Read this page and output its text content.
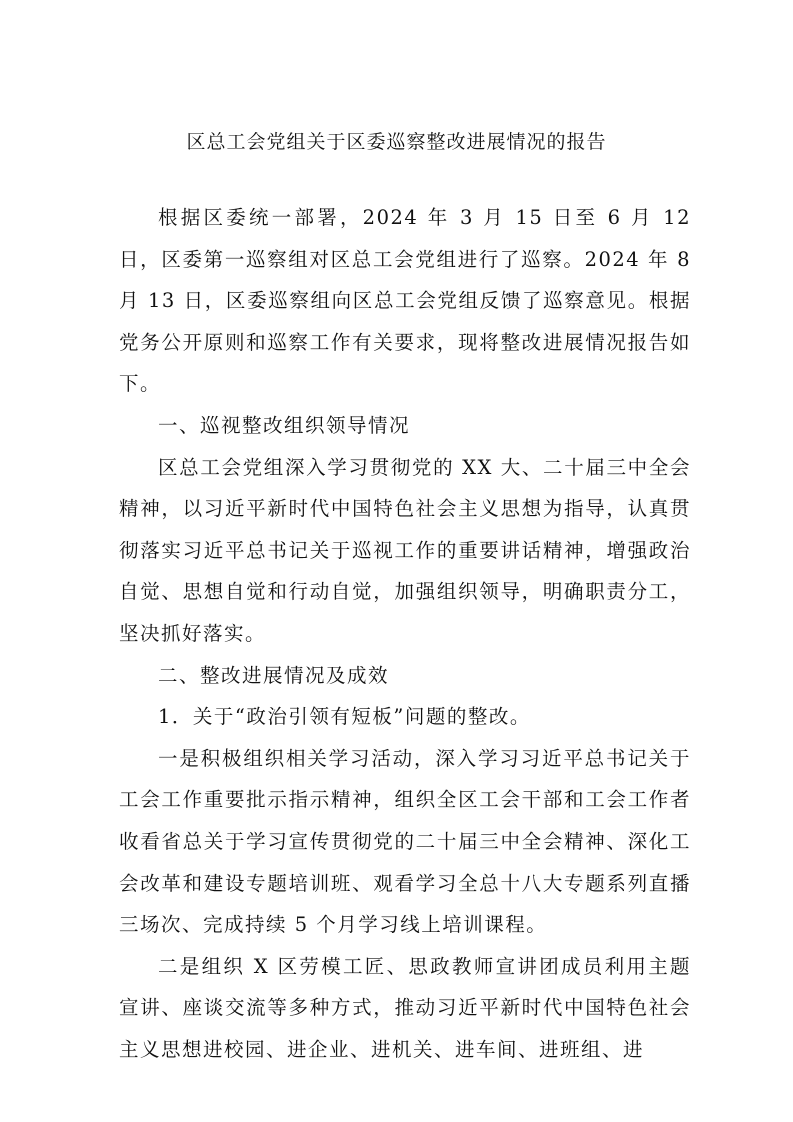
区总工会党组关于区委巡察整改进展情况的报告

根据区委统一部署，2024 年 3 月 15 日至 6 月 12 日，区委第一巡察组对区总工会党组进行了巡察。2024 年 8 月 13 日，区委巡察组向区总工会党组反馈了巡察意见。根据党务公开原则和巡察工作有关要求，现将整改进展情况报告如下。

一、巡视整改组织领导情况

区总工会党组深入学习贯彻党的 XX 大、二十届三中全会精神，以习近平新时代中国特色社会主义思想为指导，认真贯彻落实习近平总书记关于巡视工作的重要讲话精神，增强政治自觉、思想自觉和行动自觉，加强组织领导，明确职责分工，坚决抓好落实。

二、整改进展情况及成效

1．关于“政治引领有短板”问题的整改。

一是积极组织相关学习活动，深入学习习近平总书记关于工会工作重要批示指示精神，组织全区工会干部和工会工作者收看省总关于学习宣传贯彻党的二十届三中全会精神、深化工会改革和建设专题培训班、观看学习全总十八大专题系列直播三场次、完成持续 5 个月学习线上培训课程。

二是组织 X 区劳模工匠、思政教师宣讲团成员利用主题宣讲、座谈交流等多种方式，推动习近平新时代中国特色社会主义思想进校园、进企业、进机关、进车间、进班组、进
